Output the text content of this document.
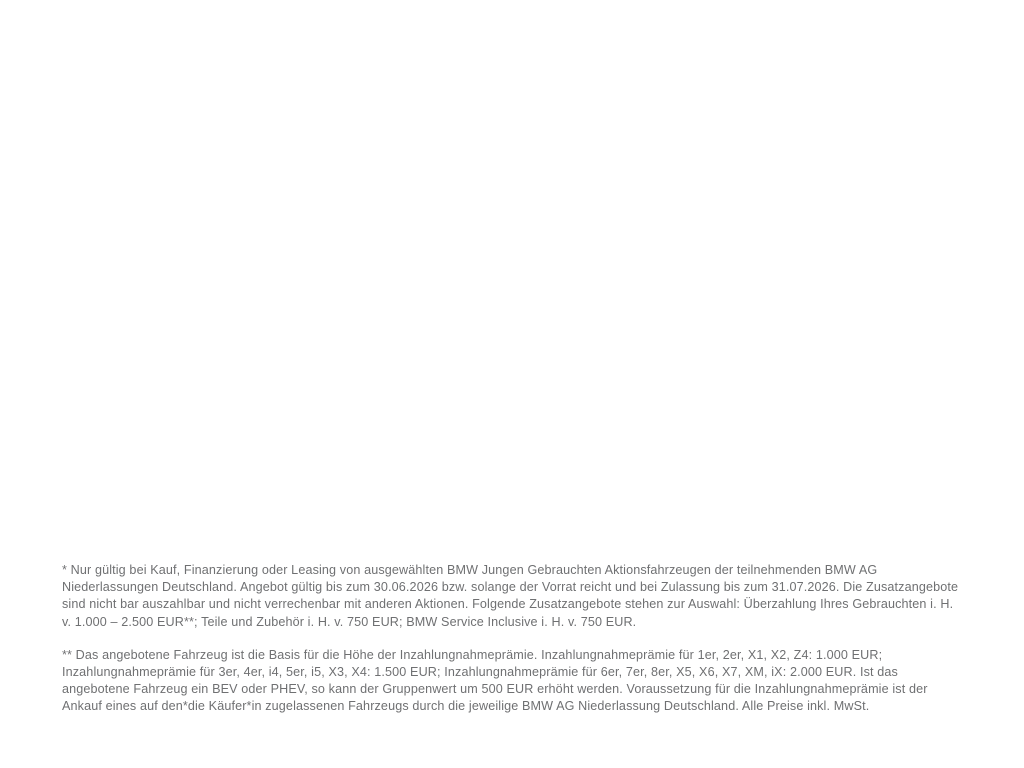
* Nur gültig bei Kauf, Finanzierung oder Leasing von ausgewählten BMW Jungen Gebrauchten Aktionsfahrzeugen der teilnehmenden BMW AG Niederlassungen Deutschland. Angebot gültig bis zum 30.06.2026 bzw. solange der Vorrat reicht und bei Zulassung bis zum 31.07.2026. Die Zusatzangebote sind nicht bar auszahlbar und nicht verrechenbar mit anderen Aktionen. Folgende Zusatzangebote stehen zur Auswahl: Überzahlung Ihres Gebrauchten i. H. v. 1.000 – 2.500 EUR**; Teile und Zubehör i. H. v. 750 EUR; BMW Service Inclusive i. H. v. 750 EUR.

** Das angebotene Fahrzeug ist die Basis für die Höhe der Inzahlungnahmeprämie. Inzahlungnahmeprämie für 1er, 2er, X1, X2, Z4: 1.000 EUR; Inzahlungnahmeprämie für 3er, 4er, i4, 5er, i5, X3, X4: 1.500 EUR; Inzahlungnahmeprämie für 6er, 7er, 8er, X5, X6, X7, XM, iX: 2.000 EUR. Ist das angebotene Fahrzeug ein BEV oder PHEV, so kann der Gruppenwert um 500 EUR erhöht werden. Voraussetzung für die Inzahlungnahmeprämie ist der Ankauf eines auf den*die Käufer*in zugelassenen Fahrzeugs durch die jeweilige BMW AG Niederlassung Deutschland. Alle Preise inkl. MwSt.
